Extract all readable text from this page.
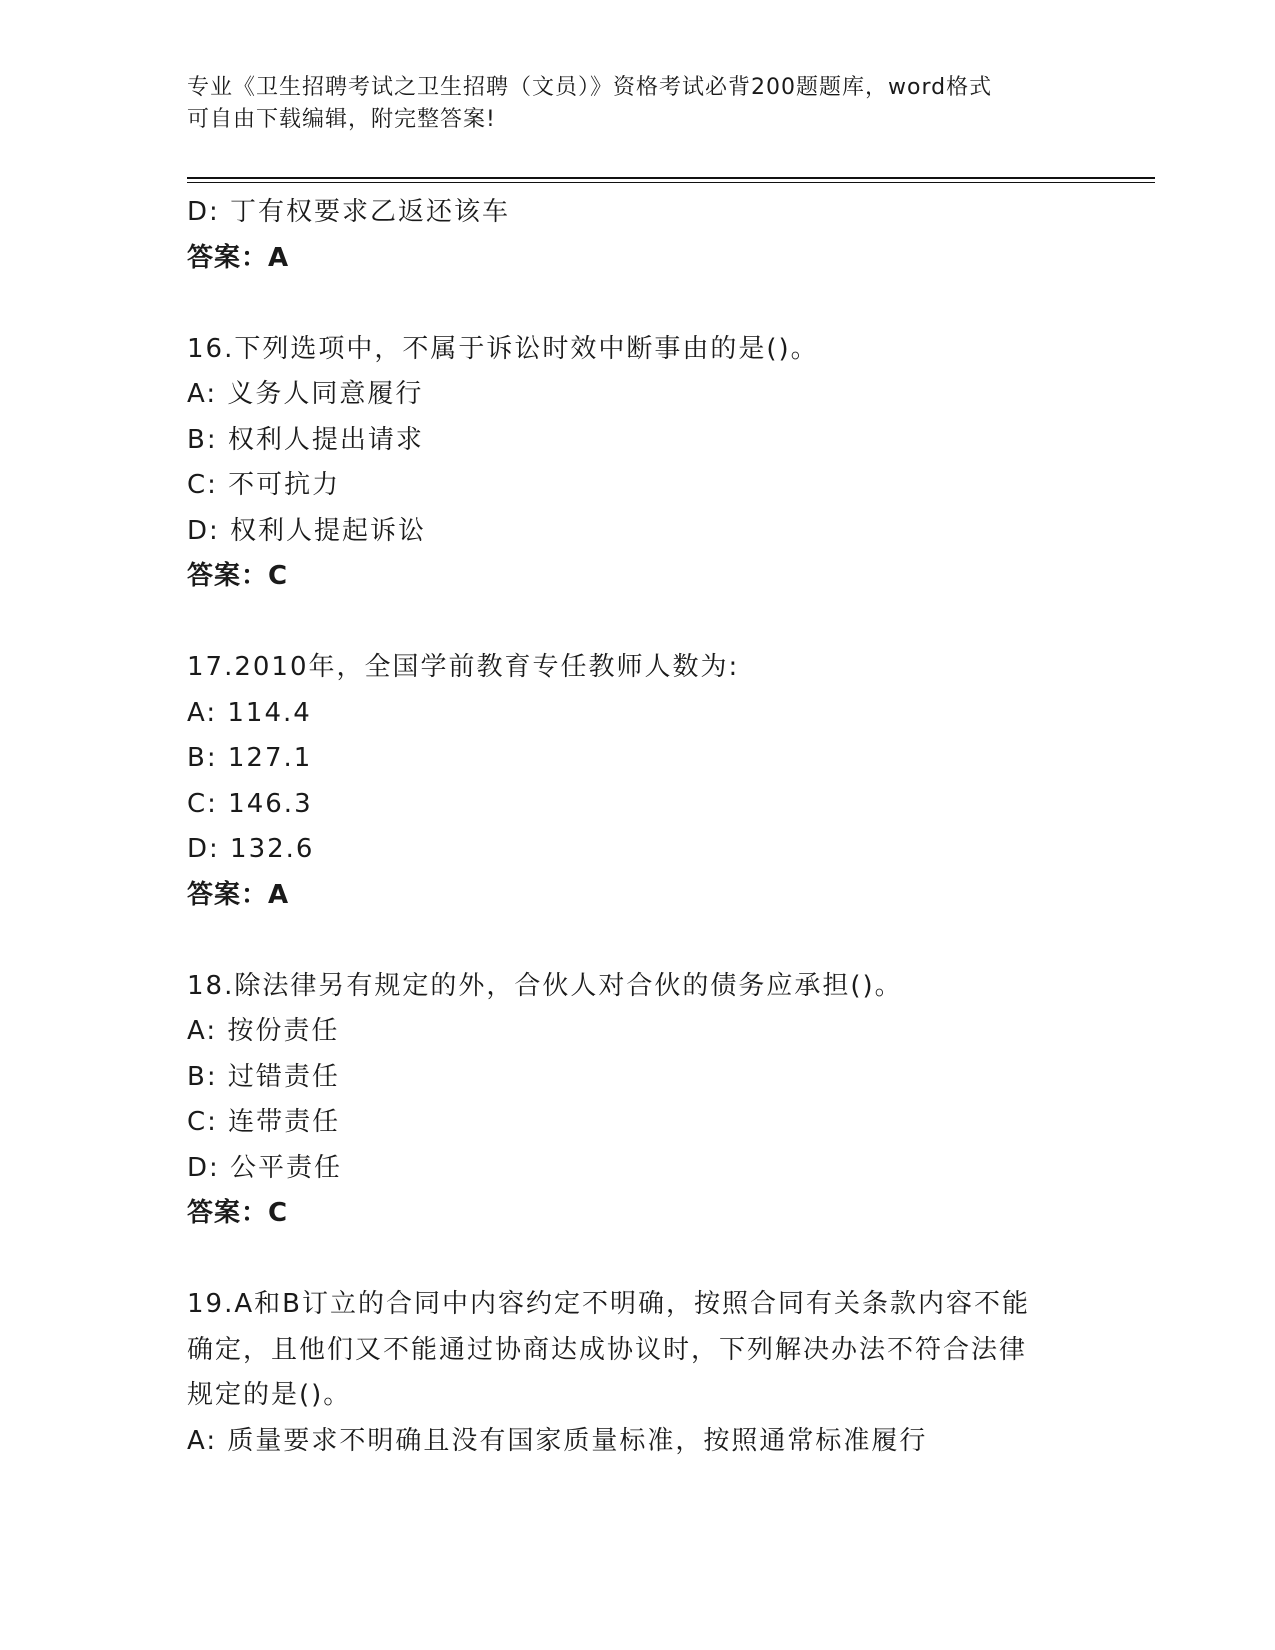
专业《卫生招聘考试之卫生招聘（文员）》资格考试必背200题题库，word格式
可自由下载编辑，附完整答案!
D: 丁有权要求乙返还该车
答案：A
16.下列选项中，不属于诉讼时效中断事由的是()。
A: 义务人同意履行
B: 权利人提出请求
C: 不可抗力
D: 权利人提起诉讼
答案：C
17.2010年，全国学前教育专任教师人数为:
A: 114.4
B: 127.1
C: 146.3
D: 132.6
答案：A
18.除法律另有规定的外，合伙人对合伙的债务应承担()。
A: 按份责任
B: 过错责任
C: 连带责任
D: 公平责任
答案：C
19.A和B订立的合同中内容约定不明确，按照合同有关条款内容不能
确定，且他们又不能通过协商达成协议时，下列解决办法不符合法律
规定的是()。
A: 质量要求不明确且没有国家质量标准，按照通常标准履行
